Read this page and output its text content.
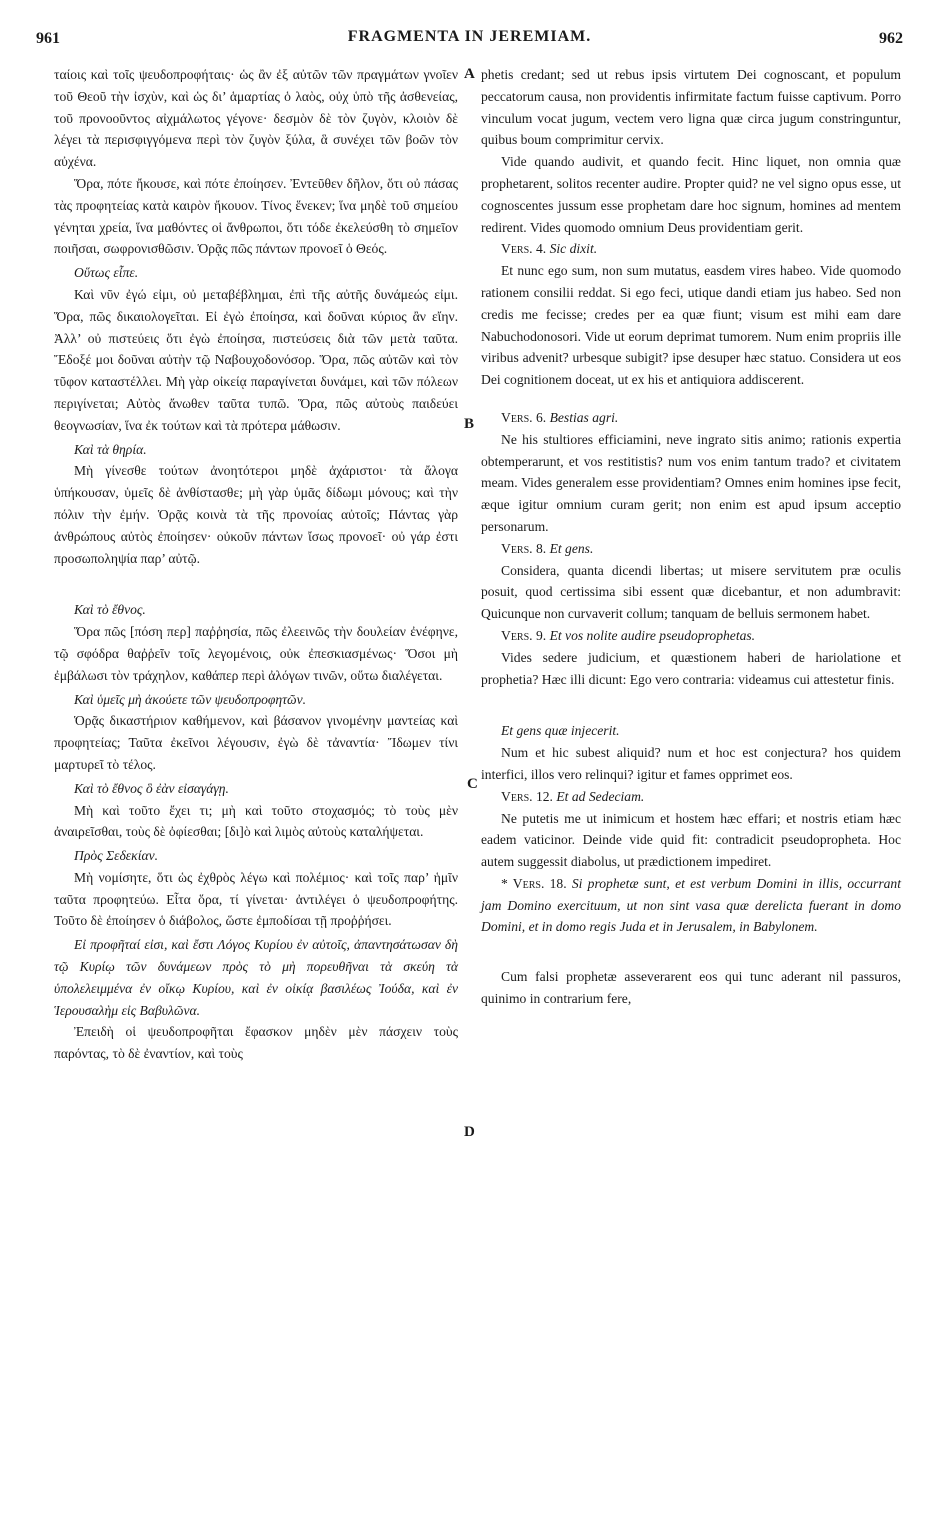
961	FRAGMENTA IN JEREMIAM.	962

ταίοις καὶ τοῖς ψευδοπροφήταις· ὡς ἂν ἐξ αὐτῶν τῶν πραγμάτων γνοῖεν τοῦ Θεοῦ τὴν ἰσχὺν, καὶ ὡς δι’ ἁμαρτίας ὁ λαὸς, οὐχ ὑπὸ τῆς ἀσθενείας, τοῦ προνοοῦντος αἰχμάλωτος γέγονε· δεσμὸν δὲ τὸν ζυγὸν, κλοιὸν δὲ λέγει τὰ περισφιγγόμενα περὶ τὸν ζυγὸν ξύλα, ἃ συνέχει τῶν βοῶν τὸν αὐχένα.

Ὅρα, πότε ἤκουσε, καὶ πότε ἐποίησεν. Ἐντεῦθεν δῆλον, ὅτι οὐ πάσας τὰς προφητείας κατὰ καιρὸν ἤκουον. Τίνος ἕνεκεν; ἵνα μηδὲ τοῦ σημείου γένηται χρεία, ἵνα μαθόντες οἱ ἄνθρωποι, ὅτι τόδε ἐκελεύσθη τὸ σημεῖον ποιῆσαι, σωφρονισθῶσιν. Ὁρᾷς πῶς πάντων προνοεῖ ὁ Θεός.

Οὕτως εἶπε.

Καὶ νῦν ἐγώ εἰμι, οὐ μεταβέβλημαι, ἐπὶ τῆς αὐτῆς δυνάμεώς εἰμι. Ὅρα, πῶς δικαιολογεῖται. Εἰ ἐγὼ ἐποίησα, καὶ δοῦναι κύριος ἂν εἴην. Ἀλλ’ οὐ πιστεύεις ὅτι ἐγὼ ἐποίησα, πιστεύσεις διὰ τῶν μετὰ ταῦτα. Ἔδοξέ μοι δοῦναι αὐτὴν τῷ Ναβουχοδονόσορ. Ὅρα, πῶς αὐτῶν καὶ τὸν τῦφον καταστέλλει. Μὴ γὰρ οἰκείᾳ παραγίνεται δυνάμει, καὶ τῶν πόλεων περιγίνεται; Αὐτὸς ἄνωθεν ταῦτα τυπῶ. Ὅρα, πῶς αὐτοὺς παιδεύει θεογνωσίαν, ἵνα ἐκ τούτων καὶ τὰ πρότερα μάθωσιν.

Καὶ τὰ θηρία.

Μὴ γίνεσθε τούτων ἀνοητότεροι μηδὲ ἀχάριστοι· τὰ ἄλογα ὑπήκουσαν, ὑμεῖς δὲ ἀνθίστασθε; μὴ γὰρ ὑμᾶς δίδωμι μόνους; καὶ τὴν πόλιν τὴν ἐμήν. Ὁρᾷς κοινὰ τὰ τῆς προνοίας αὐτοῖς; Πάντας γὰρ ἀνθρώπους αὐτὸς ἐποίησεν· οὐκοῦν πάντων ἴσως προνοεῖ· οὐ γάρ ἐστι προσωποληψία παρ’ αὐτῷ.

Καὶ τὸ ἔθνος.

Ὅρα πῶς [πόση περ] παῤῥησία, πῶς ἐλεεινῶς τὴν δουλείαν ἐνέφηνε, τῷ σφόδρα θαῤῥεῖν τοῖς λεγομένοις, οὐκ ἐπεσκιασμένως· Ὅσοι μὴ ἐμβάλωσι τὸν τράχηλον, καθάπερ περὶ ἀλόγων τινῶν, οὕτω διαλέγεται.

Καὶ ὑμεῖς μὴ ἀκούετε τῶν ψευδοπροφητῶν.

Ὁρᾷς δικαστήριον καθήμενον, καὶ βάσανον γινομένην μαντείας καὶ προφητείας; Ταῦτα ἐκεῖνοι λέγουσιν, ἐγὼ δὲ τἀναντία· Ἴδωμεν τίνι μαρτυρεῖ τὸ τέλος.

Καὶ τὸ ἔθνος ὃ ἐὰν εἰσαγάγῃ.

Μὴ καὶ τοῦτο ἔχει τι; μὴ καὶ τοῦτο στοχασμός; τὸ τοὺς μὲν ἀναιρεῖσθαι, τοὺς δὲ ὀφίεσθαι; [δι]ὸ καὶ λιμὸς αὐτοὺς καταλήψεται.

Πρὸς Σεδεκίαν.

Μὴ νομίσητε, ὅτι ὡς ἐχθρὸς λέγω καὶ πολέμιος· καὶ τοῖς παρ’ ἡμῖν ταῦτα προφητεύω. Εἶτα ὅρα, τί γίνεται· ἀντιλέγει ὁ ψευδοπροφήτης. Τοῦτο δὲ ἐποίησεν ὁ διάβολος, ὥστε ἐμποδίσαι τῇ προῤῥήσει.

Εἰ προφῆταί εἰσι, καὶ ἔστι Λόγος Κυρίου ἐν αὐτοῖς, ἀπαντησάτωσαν δὴ τῷ Κυρίῳ τῶν δυνάμεων πρὸς τὸ μὴ πορευθῆναι τὰ σκεύη τὰ ὑπολελειμμένα ἐν οἴκῳ Κυρίου, καὶ ἐν οἰκίᾳ βασιλέως Ἰούδα, καὶ ἐν Ἱερουσαλὴμ εἰς Βαβυλῶνα.

Ἐπειδὴ οἱ ψευδοπροφῆται ἔφασκον μηδὲν μὲν πάσχειν τοὺς παρόντας, τὸ δὲ ἐναντίον, καὶ τοὺς

phetis credant; sed ut rebus ipsis virtutem Dei cognoscant, et populum peccatorum causa, non providentis infirmitate factum fuisse captivum. Porro vinculum vocat jugum, vectem vero ligna quæ circa jugum constringuntur, quibus boum comprimitur cervix.

Vide quando audivit, et quando fecit. Hinc liquet, non omnia quæ prophetarent, solitos recenter audire. Propter quid? ne vel signo opus esse, ut cognoscentes jussum esse prophetam dare hoc signum, homines ad mentem redirent. Vides quomodo omnium Deus providentiam gerit.

Vers. 4. Sic dixit.

Et nunc ego sum, non sum mutatus, easdem vires habeo. Vide quomodo rationem consilii reddat. Si ego feci, utique dandi etiam jus habeo. Sed non credis me fecisse; credes per ea quæ fiunt; visum est mihi eam dare Nabuchodonosori. Vide ut eorum deprimat tumorem. Num enim propriis ille viribus advenit? urbesque subigit? ipse desuper hæc statuo. Considera ut eos Dei cognitionem doceat, ut ex his et antiquiora addiscerent.

Vers. 6. Bestias agri.

Ne his stultiores efficiamini, neve ingrato sitis animo; rationis expertia obtemperarunt, et vos restitistis? num vos enim tantum trado? et civitatem meam. Vides generalem esse providentiam? Omnes enim homines ipse fecit, æque igitur omnium curam gerit; non enim est apud ipsum acceptio personarum.

Vers. 8. Et gens.

Considera, quanta dicendi libertas; ut misere servitutem præ oculis posuit, quod certissima sibi essent quæ dicebantur, et non adumbravit: Quicunque non curvaverit collum; tanquam de belluis sermonem habet.

Vers. 9. Et vos nolite audire pseudoprophetas.

Vides sedere judicium, et quæstionem haberi de hariolatione et prophetia? Hæc illi dicunt: Ego vero contraria: videamus cui attestetur finis.

Et gens quæ injecerit.

Num et hic subest aliquid? num et hoc est conjectura? hos quidem interfici, illos vero relinqui? igitur et fames opprimet eos.

Vers. 12. Et ad Sedeciam.

Ne putetis me ut inimicum et hostem hæc effari; et nostris etiam hæc eadem vaticinor. Deinde vide quid fit: contradicit pseudopropheta. Hoc autem suggessit diabolus, ut prædictionem impediret.

* Vers. 18. Si prophetæ sunt, et est verbum Domini in illis, occurrant jam Domino exercituum, ut non sint vasa quæ derelicta fuerant in domo Domini, et in domo regis Juda et in Jerusalem, in Babylonem.

Cum falsi prophetæ asseverarent eos qui tunc aderant nil passuros, quinimo in contrarium fere,

A
B
C
D
